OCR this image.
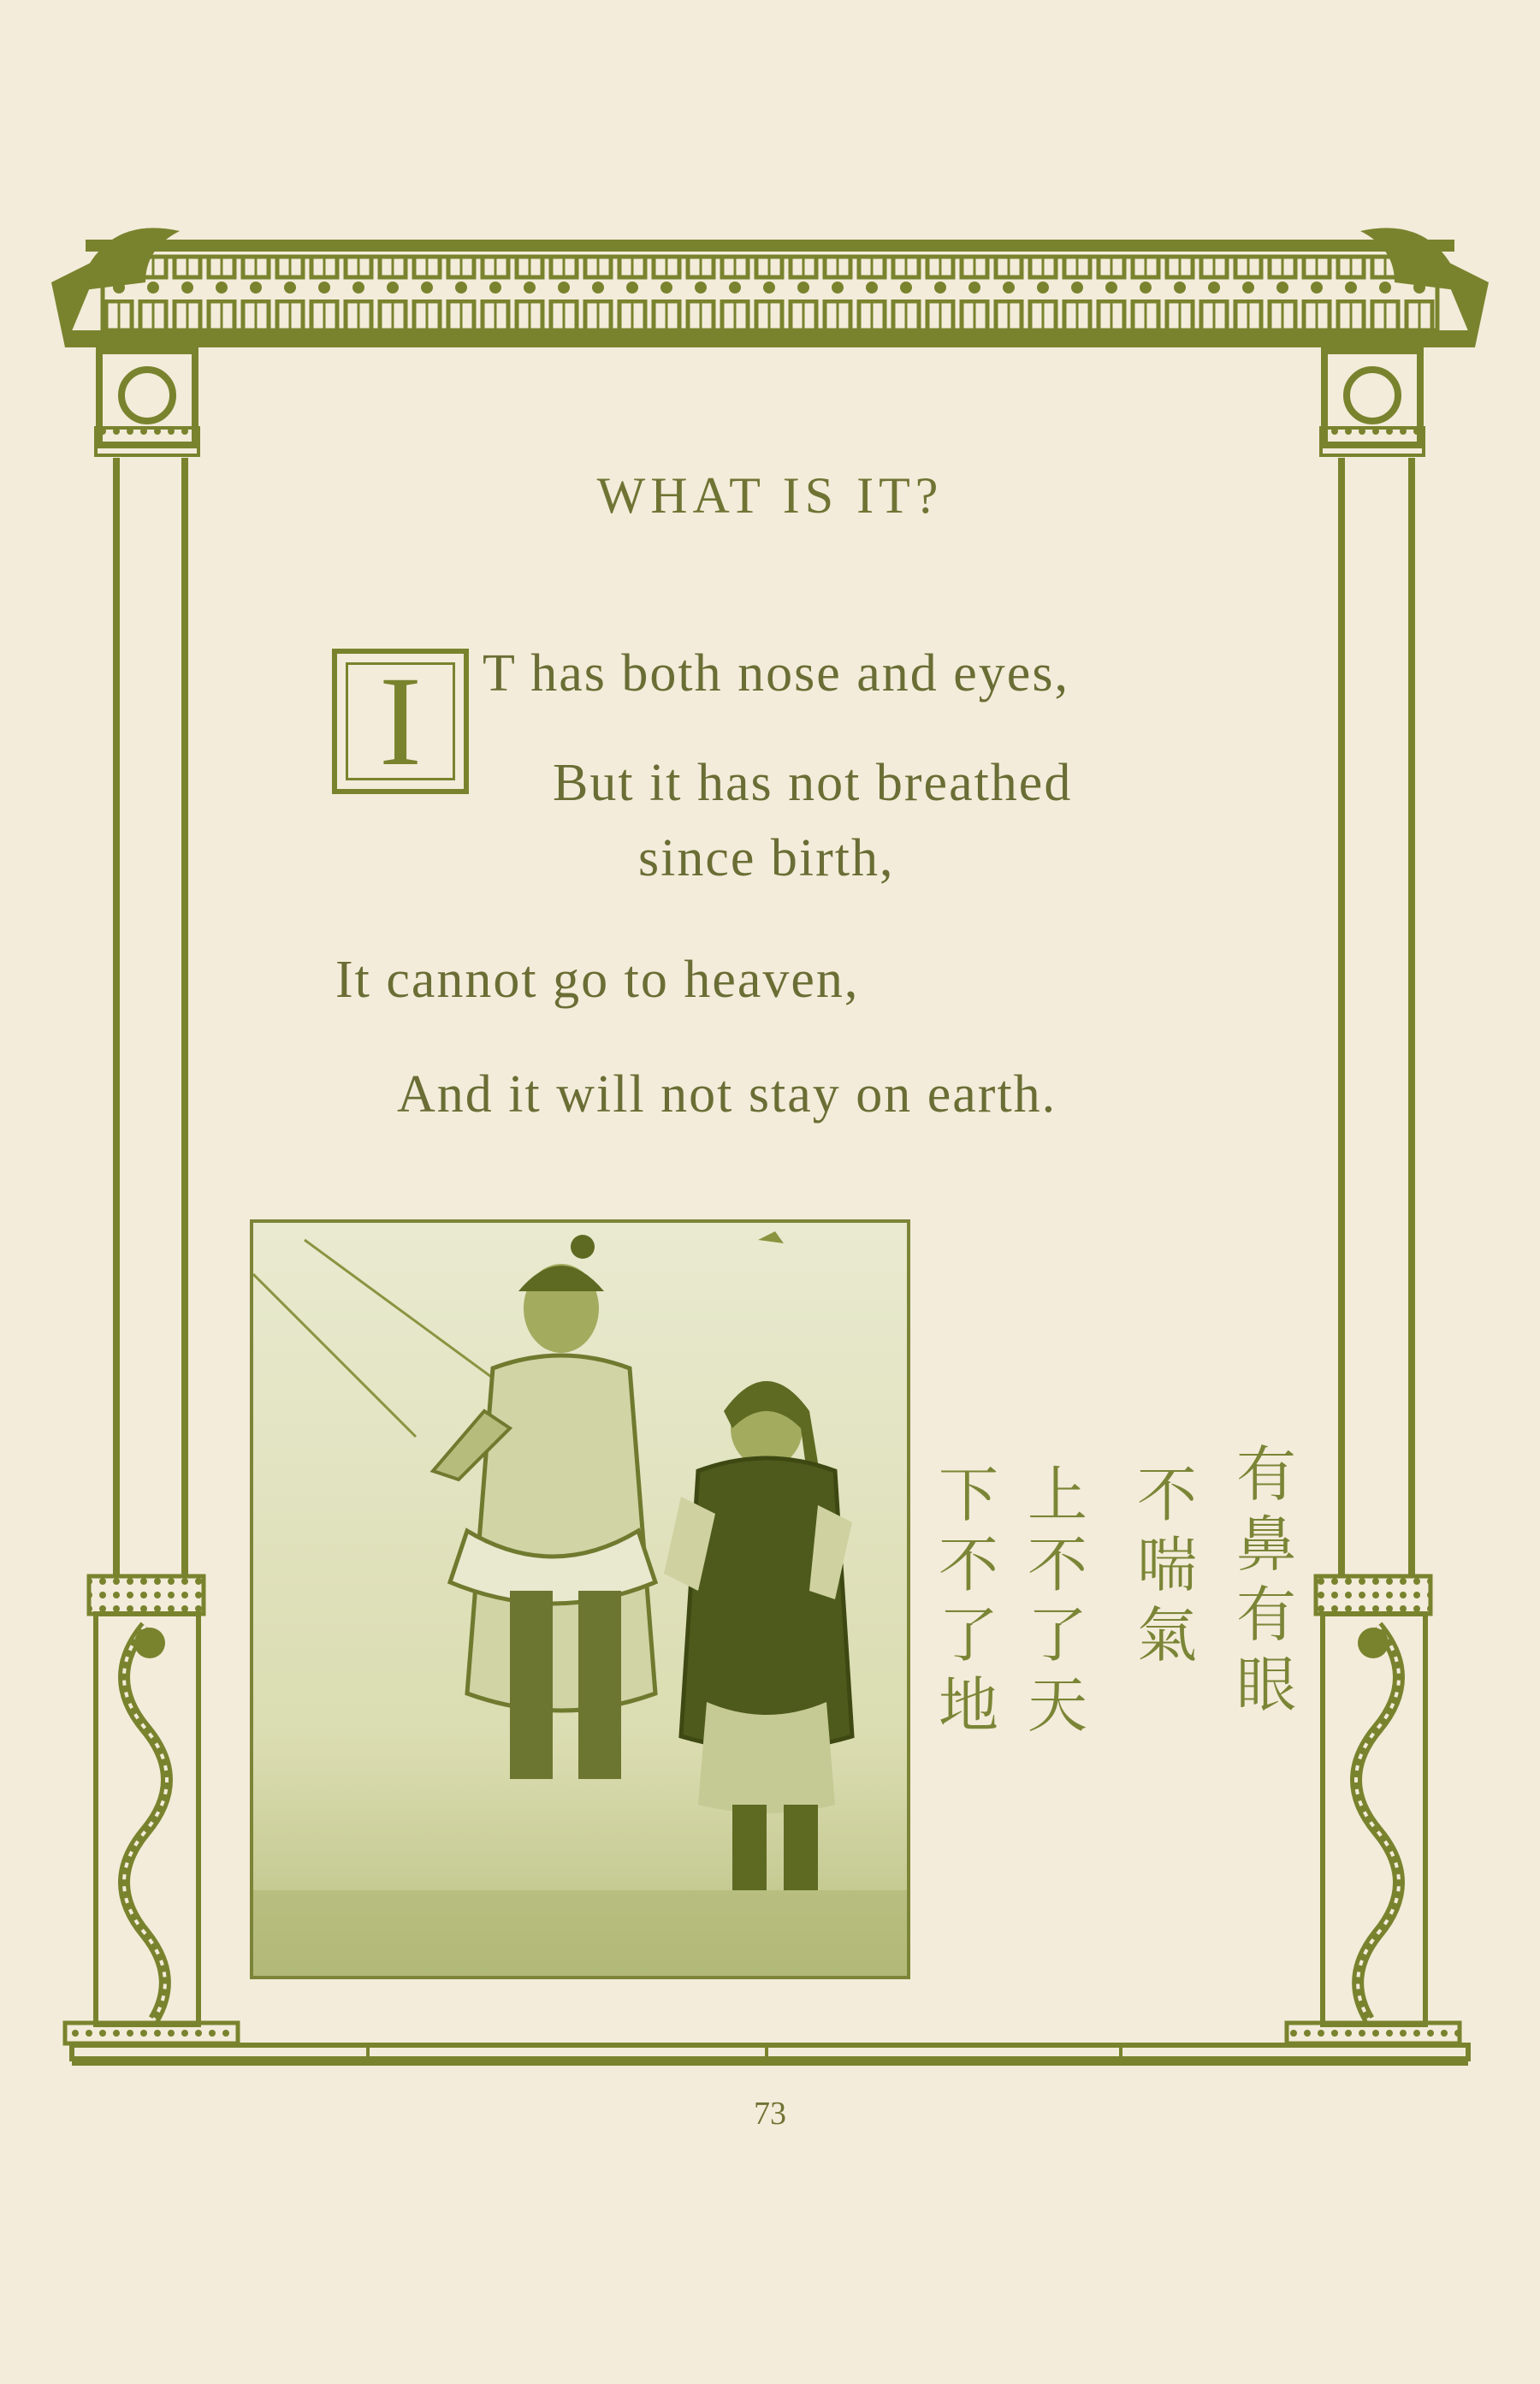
WHAT IS IT?
I	T has both nose and eyes,
But it has not breathed
since birth,
It cannot go to heaven,
And it will not stay on earth.
有鼻有眼
不喘氣
上不了天
下不了地
73
